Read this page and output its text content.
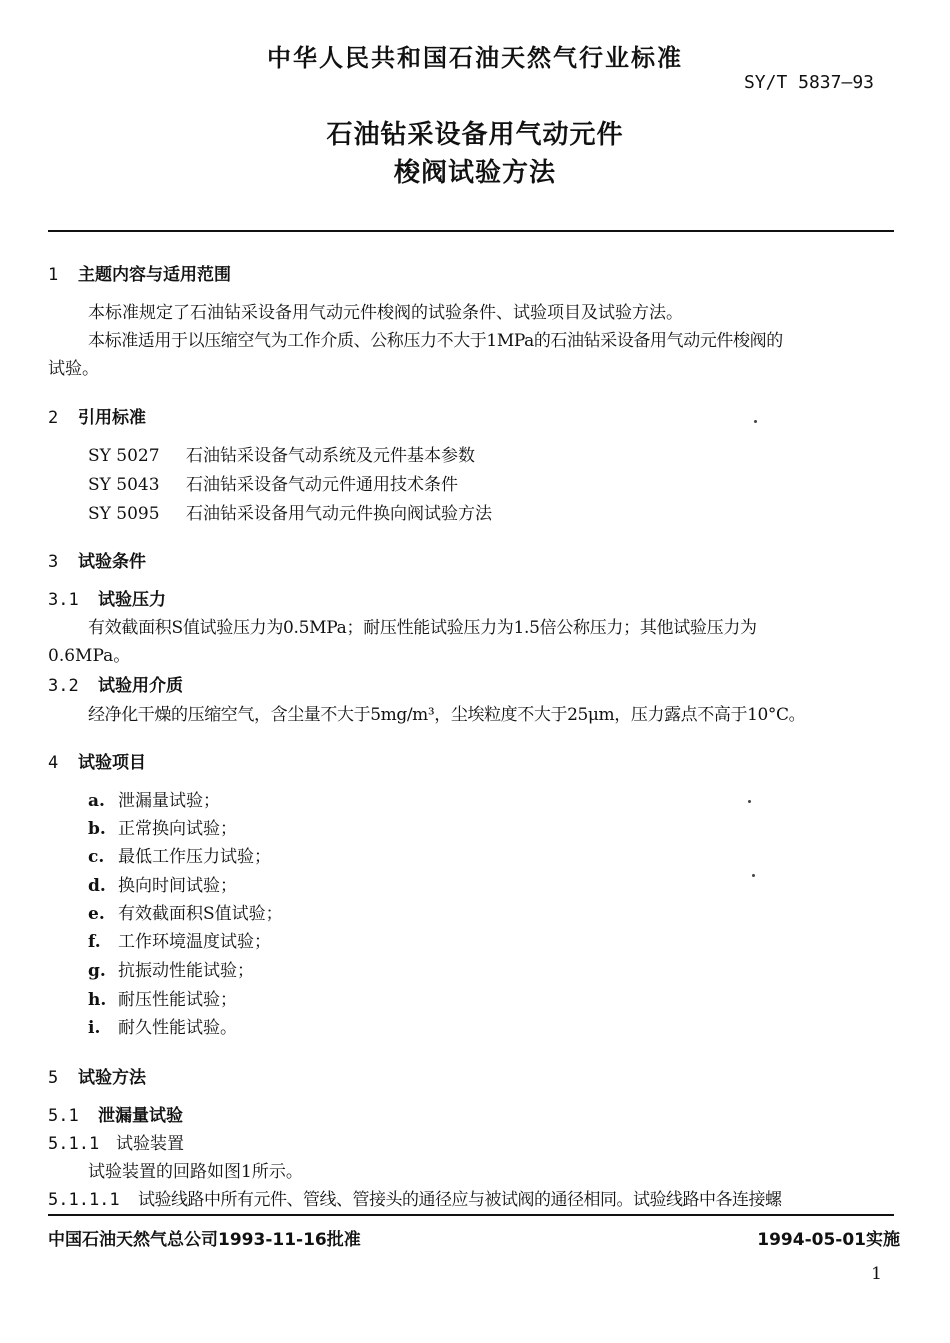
中华人民共和国石油天然气行业标准
SY/T 5837—93
石油钻采设备用气动元件
梭阀试验方法
1 主题内容与适用范围
本标准规定了石油钻采设备用气动元件梭阀的试验条件、试验项目及试验方法。
本标准适用于以压缩空气为工作介质、公称压力不大于1MPa的石油钻采设备用气动元件梭阀的
试验。
2 引用标准
SY 5027 石油钻采设备气动系统及元件基本参数
SY 5043 石油钻采设备气动元件通用技术条件
SY 5095 石油钻采设备用气动元件换向阀试验方法
3 试验条件
3.1 试验压力
有效截面积S值试验压力为0.5MPa；耐压性能试验压力为1.5倍公称压力；其他试验压力为
0.6MPa。
3.2 试验用介质
经净化干燥的压缩空气，含尘量不大于5mg/m³，尘埃粒度不大于25μm，压力露点不高于10°C。
4 试验项目
a. 泄漏量试验；
b. 正常换向试验；
c. 最低工作压力试验；
d. 换向时间试验；
e. 有效截面积S值试验；
f. 工作环境温度试验；
g. 抗振动性能试验；
h. 耐压性能试验；
i. 耐久性能试验。
5 试验方法
5.1 泄漏量试验
5.1.1 试验装置
试验装置的回路如图1所示。
5.1.1.1 试验线路中所有元件、管线、管接头的通径应与被试阀的通径相同。试验线路中各连接螺
中国石油天然气总公司1993-11-16批准	1994-05-01实施
1
